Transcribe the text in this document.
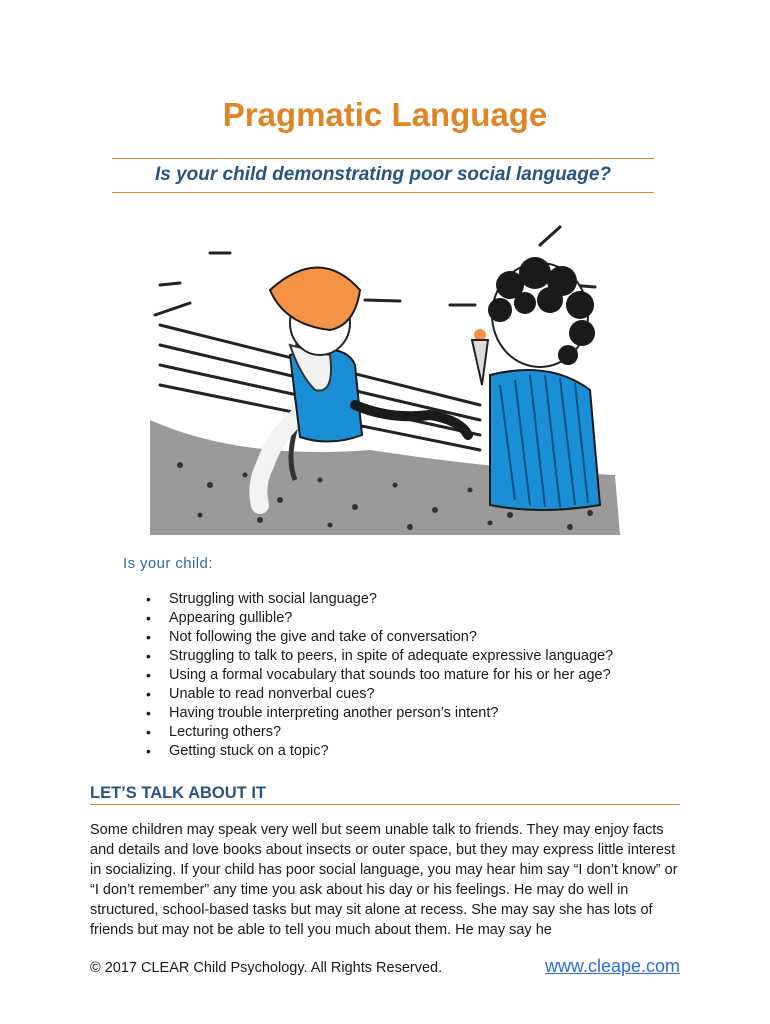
Pragmatic Language

Is your child demonstrating poor social language?

Is your child:

• Struggling with social language?
• Appearing gullible?
• Not following the give and take of conversation?
• Struggling to talk to peers, in spite of adequate expressive language?
• Using a formal vocabulary that sounds too mature for his or her age?
• Unable to read nonverbal cues?
• Having trouble interpreting another person’s intent?
• Lecturing others?
• Getting stuck on a topic?
LET’S TALK ABOUT IT

Some children may speak very well but seem unable talk to friends. They may enjoy facts and details and love books about insects or outer space, but they may express little interest in socializing. If your child has poor social language, you may hear him say “I don’t know” or “I don’t remember” any time you ask about his day or his feelings. He may do well in structured, school-based tasks but may sit alone at recess. She may say she has lots of friends but may not be able to tell you much about them. He may say he

© 2017 CLEAR Child Psychology. All Rights Reserved.	www.cleape.com
